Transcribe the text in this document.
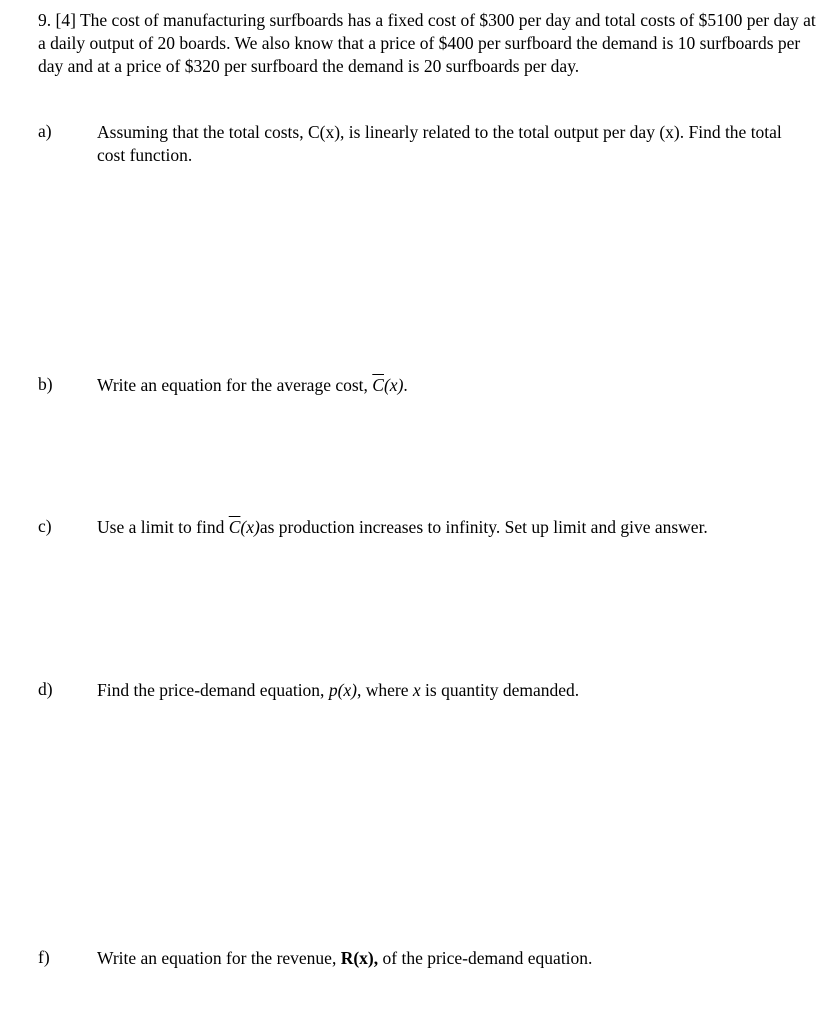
9. [4] The cost of manufacturing surfboards has a fixed cost of $300 per day and total costs of $5100 per day at a daily output of 20 boards. We also know that a price of $400 per surfboard the demand is 10 surfboards per day and at a price of $320 per surfboard the demand is 20 surfboards per day.

a)	Assuming that the total costs, C(x), is linearly related to the total output per day (x). Find the total cost function.
b)	Write an equation for the average cost, $\overline{C}(x)$.
c)	Use a limit to find $\overline{C}(x)as$ production increases to infinity. Set up limit and give answer.
d)	Find the price-demand equation, p(x), where x is quantity demanded.
f)	Write an equation for the revenue, R(x), of the price-demand equation.
